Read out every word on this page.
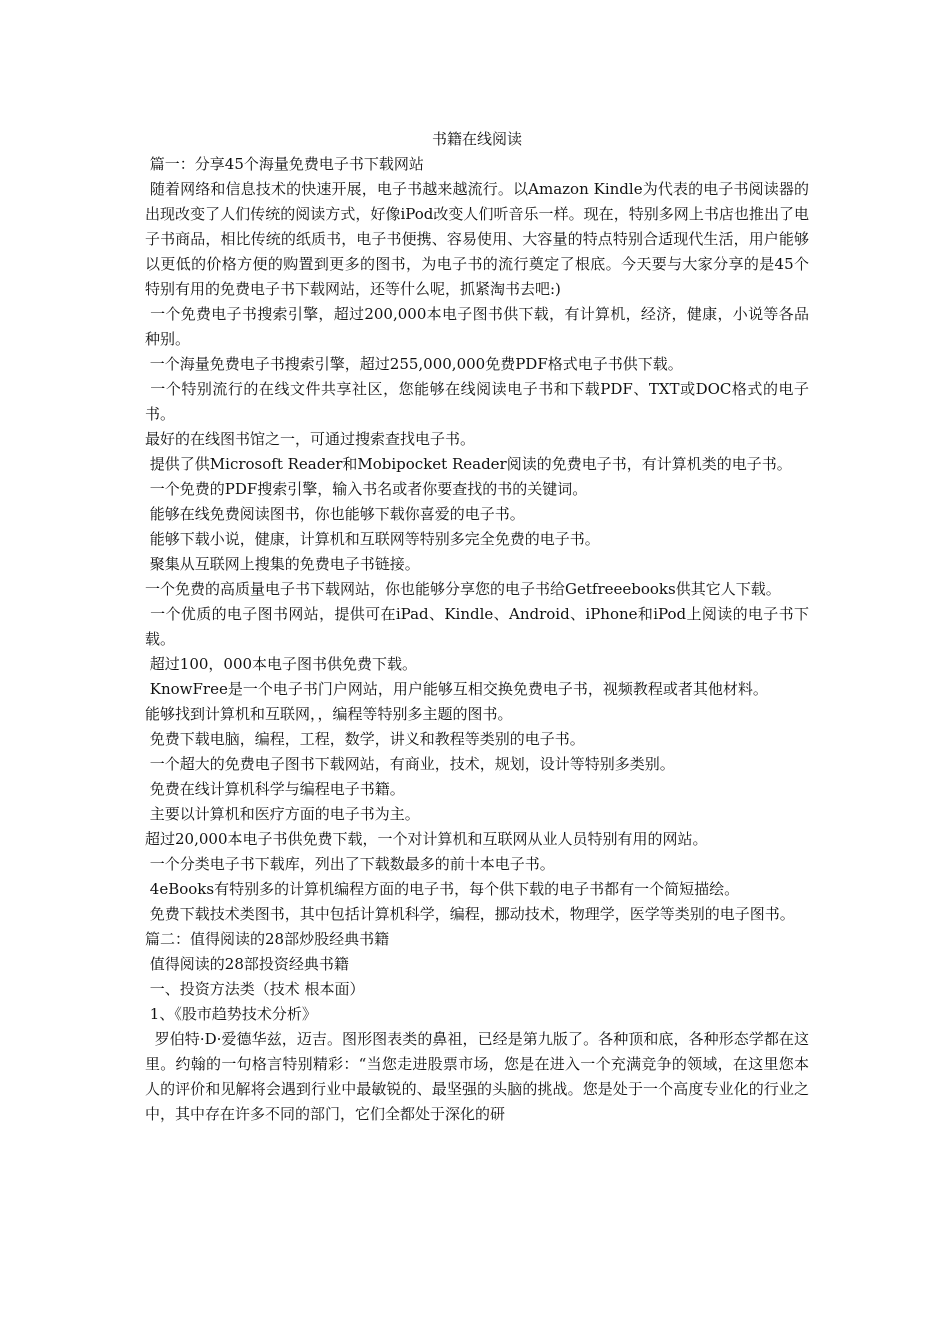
书籍在线阅读

篇一：分享45个海量免费电子书下载网站

随着网络和信息技术的快速开展，电子书越来越流行。以Amazon Kindle为代表的电子书阅读器的出现改变了人们传统的阅读方式，好像iPod改变人们听音乐一样。现在，特别多网上书店也推出了电子书商品，相比传统的纸质书，电子书便携、容易使用、大容量的特点特别合适现代生活，用户能够以更低的价格方便的购置到更多的图书，为电子书的流行奠定了根底。今天要与大家分享的是45个特别有用的免费电子书下载网站，还等什么呢，抓紧淘书去吧:)

一个免费电子书搜索引擎，超过200,000本电子图书供下载，有计算机，经济，健康，小说等各品种别。

一个海量免费电子书搜索引擎，超过255,000,000免费PDF格式电子书供下载。

一个特别流行的在线文件共享社区，您能够在线阅读电子书和下载PDF、TXT或DOC格式的电子书。

最好的在线图书馆之一，可通过搜索查找电子书。

提供了供Microsoft Reader和Mobipocket Reader阅读的免费电子书，有计算机类的电子书。

一个免费的PDF搜索引擎，输入书名或者你要查找的书的关键词。

能够在线免费阅读图书，你也能够下载你喜爱的电子书。

能够下载小说，健康，计算机和互联网等特别多完全免费的电子书。

聚集从互联网上搜集的免费电子书链接。

一个免费的高质量电子书下载网站，你也能够分享您的电子书给Getfreeebooks供其它人下载。

一个优质的电子图书网站，提供可在iPad、Kindle、Android、iPhone和iPod上阅读的电子书下载。

超过100，000本电子图书供免费下载。

KnowFree是一个电子书门户网站，用户能够互相交换免费电子书，视频教程或者其他材料。

能够找到计算机和互联网，，编程等特别多主题的图书。

免费下载电脑，编程，工程，数学，讲义和教程等类别的电子书。

一个超大的免费电子图书下载网站，有商业，技术，规划，设计等特别多类别。

免费在线计算机科学与编程电子书籍。

主要以计算机和医疗方面的电子书为主。

超过20,000本电子书供免费下载，一个对计算机和互联网从业人员特别有用的网站。

一个分类电子书下载库，列出了下载数最多的前十本电子书。

4eBooks有特别多的计算机编程方面的电子书，每个供下载的电子书都有一个简短描绘。

免费下载技术类图书，其中包括计算机科学，编程，挪动技术，物理学，医学等类别的电子图书。

篇二：值得阅读的28部炒股经典书籍

值得阅读的28部投资经典书籍

一、投资方法类（技术 根本面）

1、《股市趋势技术分析》

罗伯特·D·爱德华兹，迈吉。图形图表类的鼻祖，已经是第九版了。各种顶和底，各种形态学都在这里。约翰的一句格言特别精彩：“当您走进股票市场，您是在进入一个充满竞争的领域，在这里您本人的评价和见解将会遇到行业中最敏锐的、最坚强的头脑的挑战。您是处于一个高度专业化的行业之中，其中存在许多不同的部门，它们全都处于深化的研
